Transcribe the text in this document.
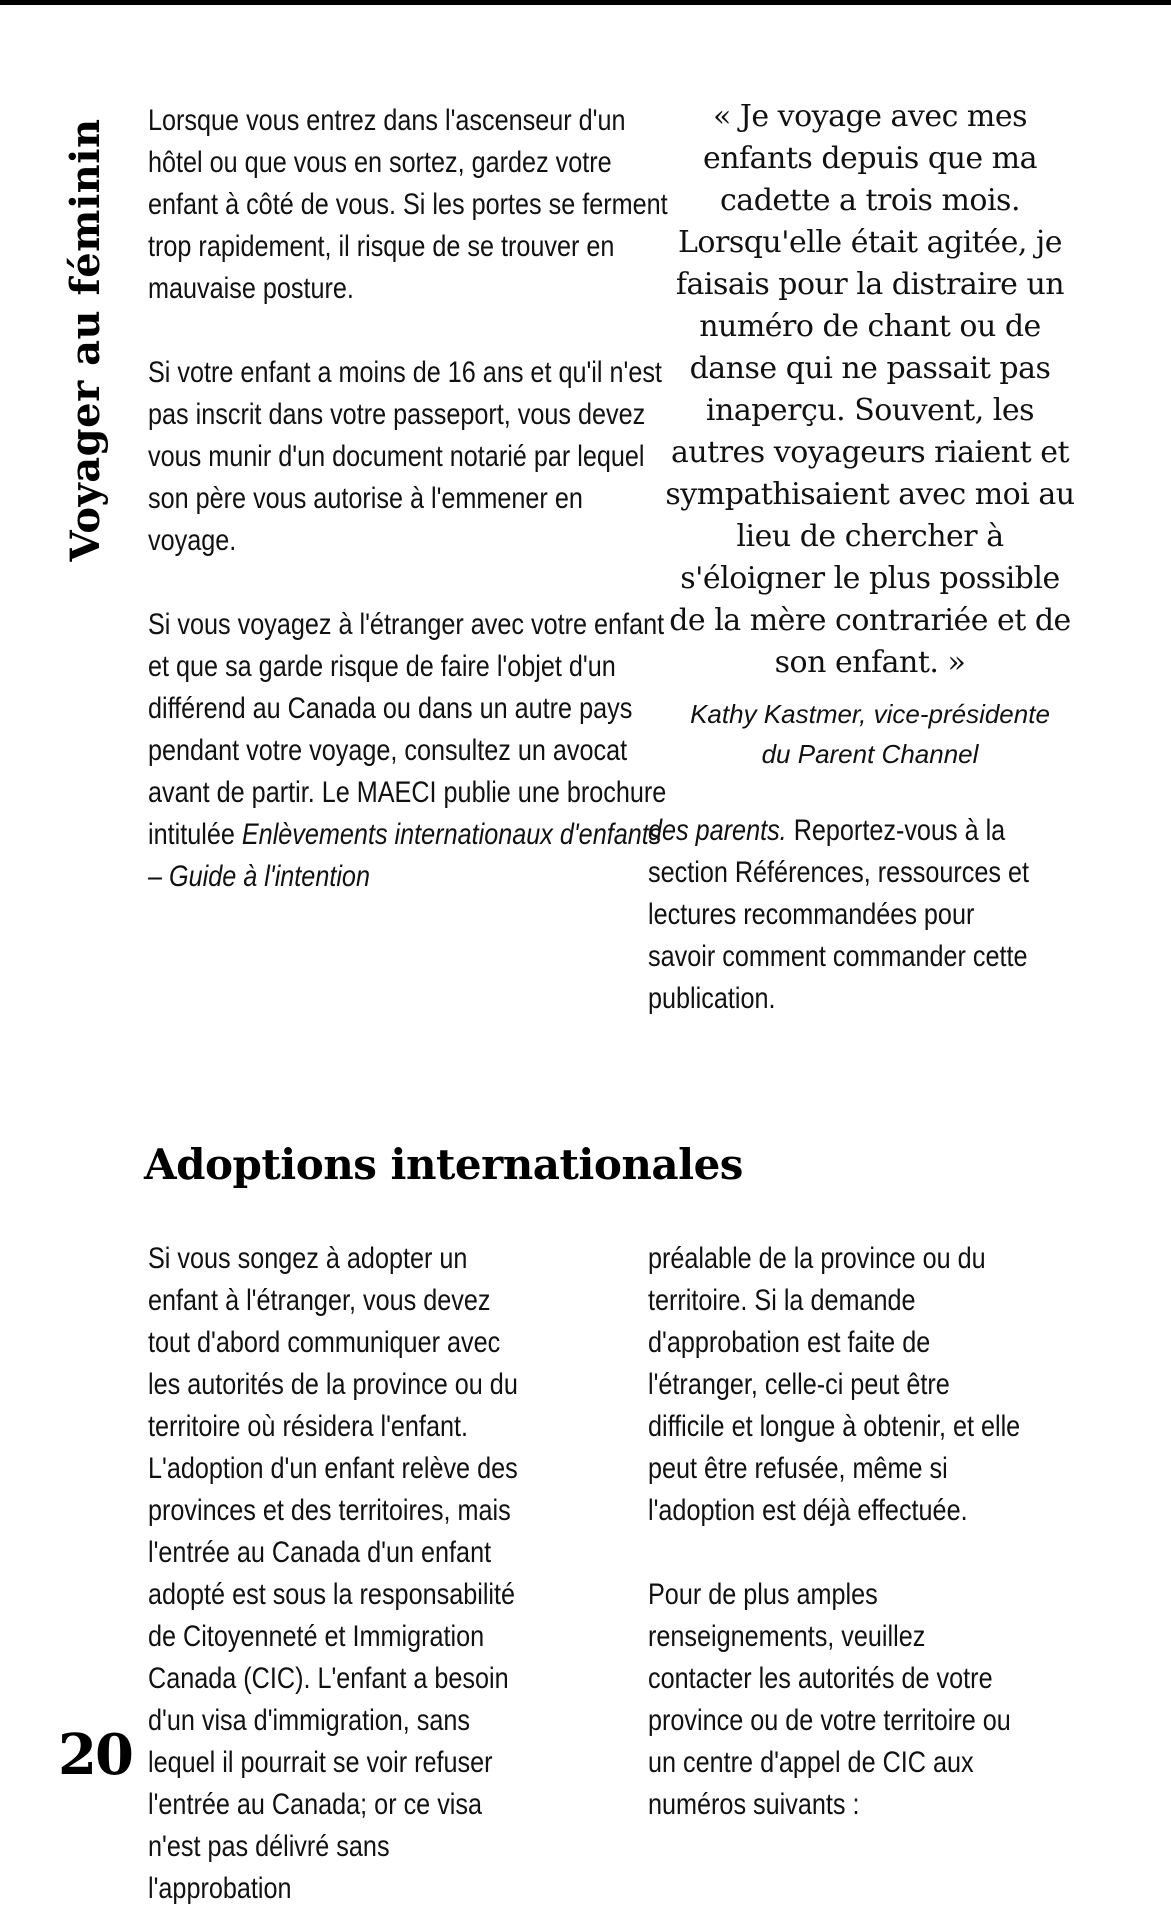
Voyager au féminin Lorsque vous entrez dans l'ascenseur d'un hôtel ou que vous en sortez, gardez votre enfant à côté de vous. Si les portes se ferment trop rapidement, il risque de se trouver en mauvaise posture.

Si votre enfant a moins de 16 ans et qu'il n'est pas inscrit dans votre passeport, vous devez vous munir d'un document notarié par lequel son père vous autorise à l'emmener en voyage.

Si vous voyagez à l'étranger avec votre enfant et que sa garde risque de faire l'objet d'un différend au Canada ou dans un autre pays pendant votre voyage, consultez un avocat avant de partir. Le MAECI publie une brochure intitulée Enlèvements internationaux d'enfants – Guide à l'intention

« Je voyage avec mes enfants depuis que ma cadette a trois mois. Lorsqu'elle était agitée, je faisais pour la distraire un numéro de chant ou de danse qui ne passait pas inaperçu. Souvent, les autres voyageurs riaient et sympathisaient avec moi au lieu de chercher à s'éloigner le plus possible de la mère contrariée et de son enfant. »
Kathy Kastmer, vice-présidente
du Parent Channel

des parents. Reportez-vous à la section Références, ressources et lectures recommandées pour savoir comment commander cette publication.

Adoptions internationales

Si vous songez à adopter un enfant à l'étranger, vous devez tout d'abord communiquer avec les autorités de la province ou du territoire où résidera l'enfant. L'adoption d'un enfant relève des provinces et des territoires, mais l'entrée au Canada d'un enfant adopté est sous la responsabilité de Citoyenneté et Immigration Canada (CIC). L'enfant a besoin d'un visa d'immigration, sans lequel il pourrait se voir refuser l'entrée au Canada; or ce visa n'est pas délivré sans l'approbation

préalable de la province ou du territoire. Si la demande d'approbation est faite de l'étranger, celle-ci peut être difficile et longue à obtenir, et elle peut être refusée, même si l'adoption est déjà effectuée.

Pour de plus amples renseignements, veuillez contacter les autorités de votre province ou de votre territoire ou un centre d'appel de CIC aux numéros suivants :

20
